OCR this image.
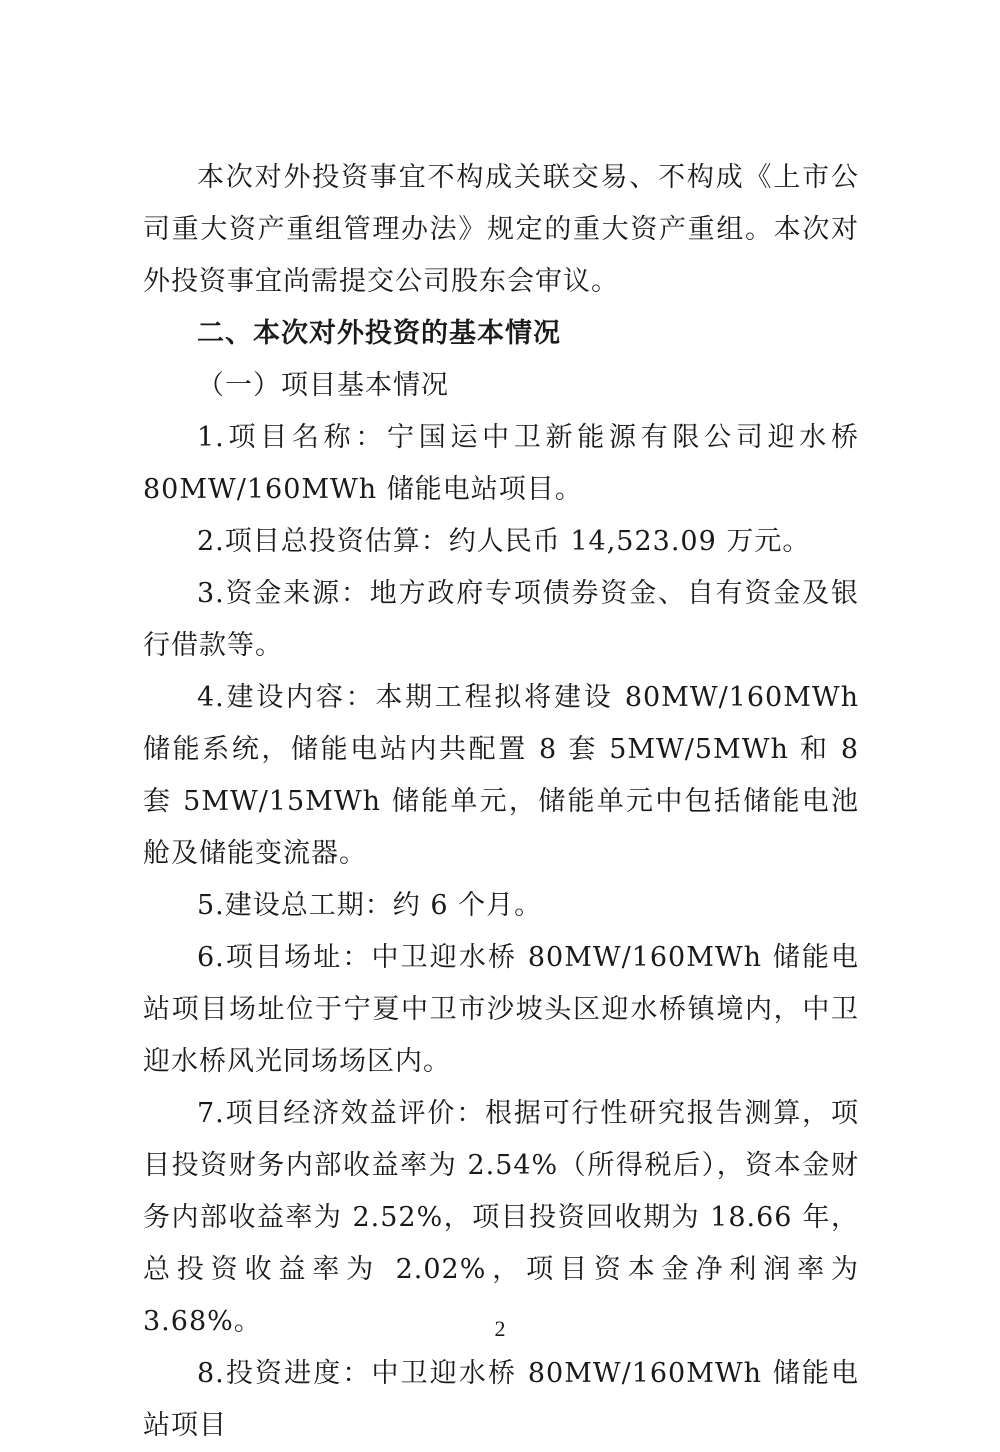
本次对外投资事宜不构成关联交易、不构成《上市公司重大资产重组管理办法》规定的重大资产重组。本次对外投资事宜尚需提交公司股东会审议。

二、本次对外投资的基本情况

（一）项目基本情况

1.项目名称：宁国运中卫新能源有限公司迎水桥80MW/160MWh 储能电站项目。

2.项目总投资估算：约人民币 14,523.09 万元。

3.资金来源：地方政府专项债券资金、自有资金及银行借款等。

4.建设内容：本期工程拟将建设 80MW/160MWh 储能系统，储能电站内共配置 8 套 5MW/5MWh 和 8 套 5MW/15MWh 储能单元，储能单元中包括储能电池舱及储能变流器。

5.建设总工期：约 6 个月。

6.项目场址：中卫迎水桥 80MW/160MWh 储能电站项目场址位于宁夏中卫市沙坡头区迎水桥镇境内，中卫迎水桥风光同场场区内。

7.项目经济效益评价：根据可行性研究报告测算，项目投资财务内部收益率为 2.54%（所得税后），资本金财务内部收益率为 2.52%，项目投资回收期为 18.66 年，总投资收益率为 2.02%，项目资本金净利润率为 3.68%。

8.投资进度：中卫迎水桥 80MW/160MWh 储能电站项目

2
